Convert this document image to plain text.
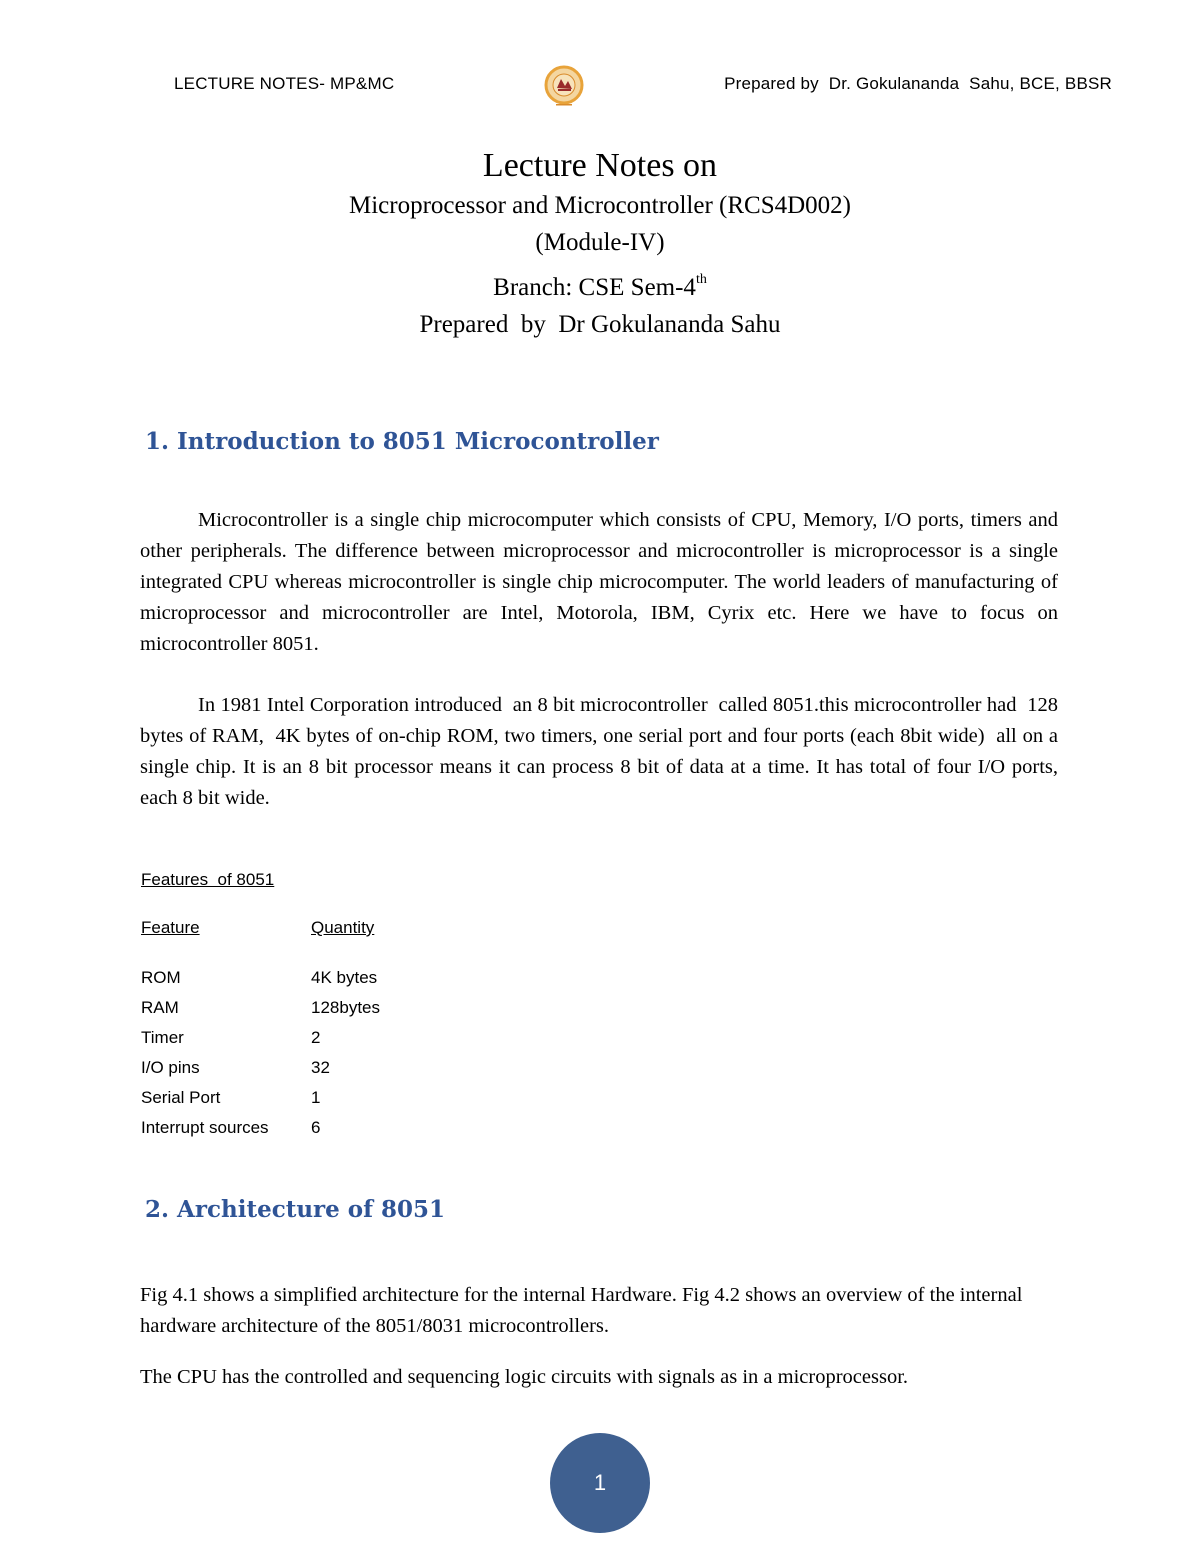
LECTURE NOTES- MP&MC	Prepared by  Dr. Gokulananda  Sahu, BCE, BBSR
Lecture Notes on
Microprocessor and Microcontroller (RCS4D002)
(Module-IV)
Branch: CSE Sem-4th
Prepared  by  Dr Gokulananda Sahu
1. Introduction to 8051 Microcontroller
Microcontroller is a single chip microcomputer which consists of CPU, Memory, I/O ports, timers and other peripherals. The difference between microprocessor and microcontroller is microprocessor is a single integrated CPU whereas microcontroller is single chip microcomputer. The world leaders of manufacturing of microprocessor and microcontroller are Intel, Motorola, IBM, Cyrix etc. Here we have to focus on microcontroller 8051.
In 1981 Intel Corporation introduced  an 8 bit microcontroller  called 8051.this microcontroller had  128 bytes of RAM,  4K bytes of on-chip ROM, two timers, one serial port and four ports (each 8bit wide)  all on a single chip. It is an 8 bit processor means it can process 8 bit of data at a time. It has total of four I/O ports, each 8 bit wide.
Features  of 8051
Feature	Quantity

ROM	4K bytes
RAM	128bytes
Timer	2
I/O pins	32
Serial Port	1
Interrupt sources	6
2. Architecture of 8051
Fig 4.1 shows a simplified architecture for the internal Hardware. Fig 4.2 shows an overview of the internal hardware architecture of the 8051/8031 microcontrollers.
The CPU has the controlled and sequencing logic circuits with signals as in a microprocessor.
1
